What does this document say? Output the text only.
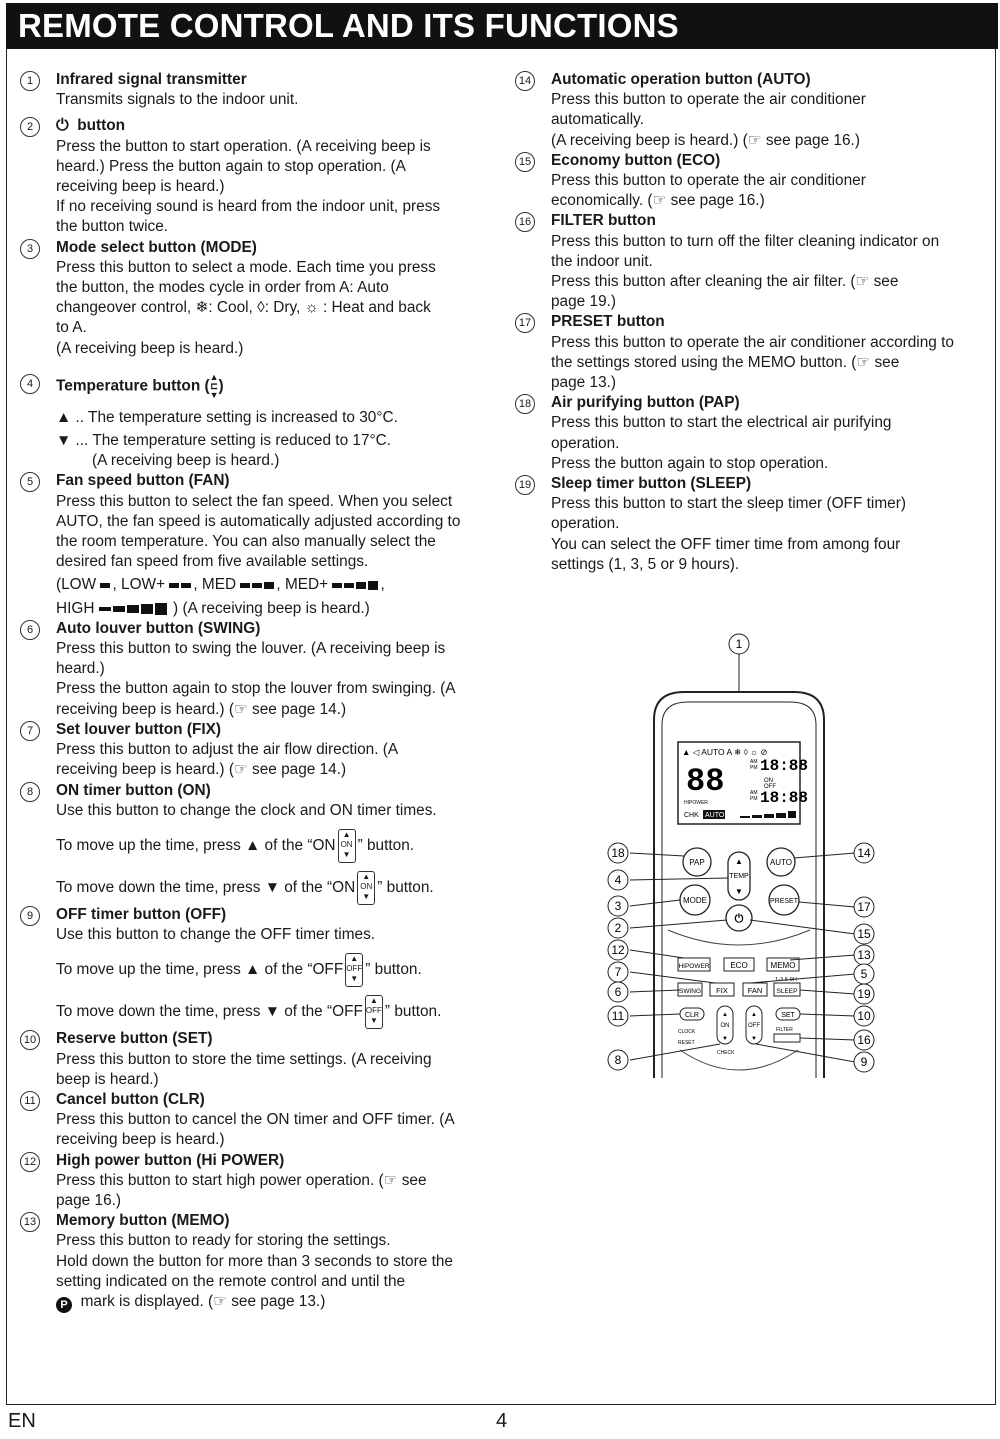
REMOTE CONTROL AND ITS FUNCTIONS
1	Infrared signal transmitter
Transmits signals to the indoor unit.
2	⏻ button
Press the button to start operation. (A receiving beep is
heard.) Press the button again to stop operation. (A
receiving beep is heard.)
If no receiving sound is heard from the indoor unit, press
the button twice.
3	Mode select button (MODE)
Press this button to select a mode. Each time you press
the button, the modes cycle in order from A: Auto
changeover control, ❄: Cool, ◊: Dry, ☼ : Heat and back
to A.
(A receiving beep is heard.)
4	Temperature button (▲
⊏
▼)
▲ .. The temperature setting is increased to 30°C.
▼ ... The temperature setting is reduced to 17°C.
(A receiving beep is heard.)
5	Fan speed button (FAN)
Press this button to select the fan speed. When you select
AUTO, the fan speed is automatically adjusted according to
the room temperature. You can also manually select the
desired fan speed from five available settings.
(LOW , LOW+ , MED	, MED+	,
HIGH	) (A receiving beep is heard.)
6	Auto louver button (SWING)
Press this button to swing the louver. (A receiving beep is
heard.)
Press the button again to stop the louver from swinging. (A
receiving beep is heard.) (☞ see page 14.)
7	Set louver button (FIX)
Press this button to adjust the air flow direction. (A
receiving beep is heard.) (☞ see page 14.)
8	ON timer button (ON)
Use this button to change the clock and ON timer times.
To move up the time, press ▲ of the “ON▲
ON
▼” button.
To move down the time, press ▼ of the “ON▲
ON
▼” button.
9	OFF timer button (OFF)
Use this button to change the OFF timer times.
To move up the time, press ▲ of the “OFF▲
OFF
▼” button.
To move down the time, press ▼ of the “OFF▲
OFF
▼” button.
10 Reserve button (SET)
Press this button to store the time settings. (A receiving
beep is heard.)
11 Cancel button (CLR)
Press this button to cancel the ON timer and OFF timer. (A
receiving beep is heard.)
12 High power button (Hi POWER)
Press this button to start high power operation. (☞ see
page 16.)
13 Memory button (MEMO)
Press this button to ready for storing the settings.
Hold down the button for more than 3 seconds to store the
setting indicated on the remote control and until the
P mark is displayed. (☞ see page 13.)
14 Automatic operation button (AUTO)
Press this button to operate the air conditioner
automatically.
(A receiving beep is heard.) (☞ see page 16.)
15 Economy button (ECO)
Press this button to operate the air conditioner
economically. (☞ see page 16.)
16 FILTER button
Press this button to turn off the filter cleaning indicator on
the indoor unit.
Press this button after cleaning the air filter. (☞ see
page 19.)
17 PRESET button
Press this button to operate the air conditioner according to
the settings stored using the MEMO button. (☞ see
page 13.)
18 Air purifying button (PAP)
Press this button to start the electrical air purifying
operation.
Press the button again to stop operation.
19 Sleep timer button (SLEEP)
Press this button to start the sleep timer (OFF timer)
operation.
You can select the OFF timer time from among four
settings (1, 3, 5 or 9 hours).
▲ ◁ AUTO A ❄ ◊ ☼ ⊘
88 18:88
18:88
AM
PM
AM
PM
ON
OFF
HIPOWER
CHK AUTO
PAP	▲
TEMP
▼
AUTO
MODE	PRESET
⏻
HIPOWER	ECO	MEMO
1-3-5-9H
SWING FIX	FAN SLEEP
CLR	▲
ON
▼
▲
OFF
▼
SET
CLOCK
RESET
FILTER
CHECK
1
18
4
3
2
12
7
6
11
8
14
17
15
13
5
19
10
16
9
EN	4
